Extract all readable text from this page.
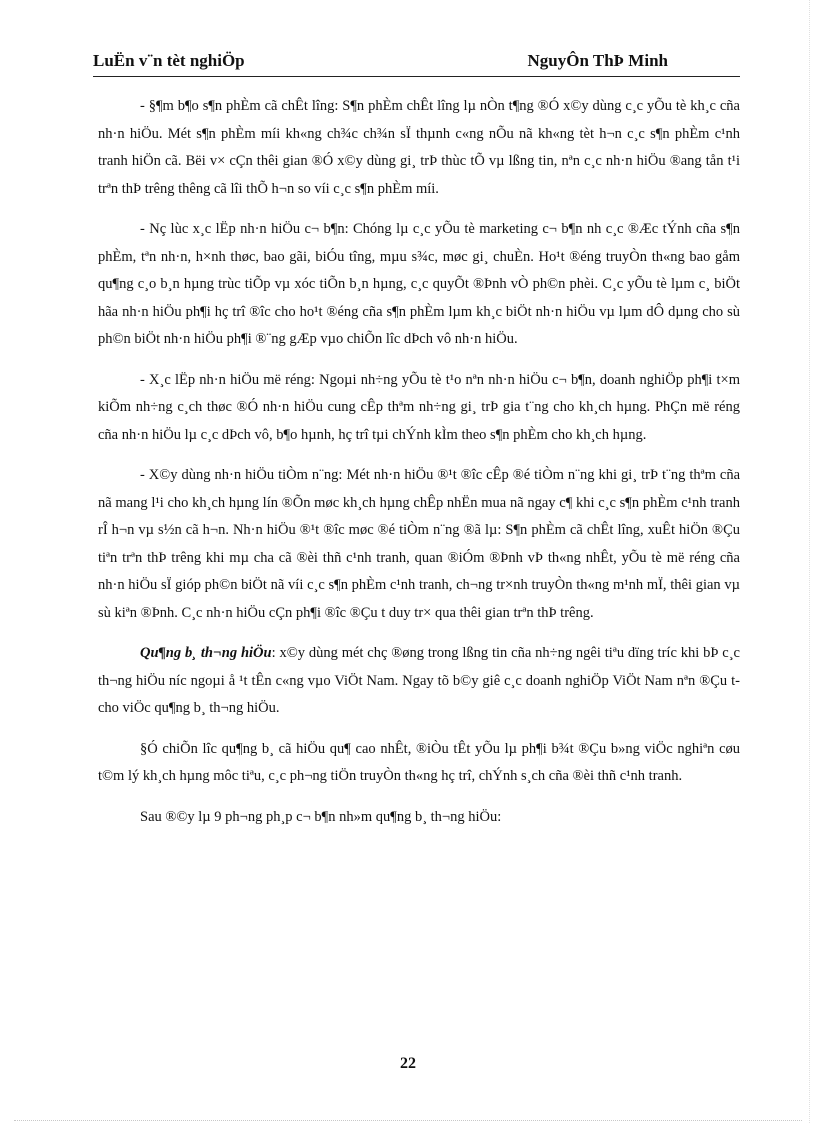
LuËn v¨n tèt nghiÖp	NguyÔn ThÞ Minh

- §¶m b¶o s¶n phÈm cã chÊt lîng: S¶n phÈm chÊt lîng lµ nÒn t¶ng ®Ó x©y dùng c¸c yÕu tè kh¸c cña nh·n hiÖu. Mét s¶n phÈm míi kh«ng ch¾c ch¾n sÏ thµnh c«ng nÕu nã kh«ng tèt h¬n c¸c s¶n phÈm c¹nh tranh hiÖn cã. Bëi v× cÇn thêi gian ®Ó x©y dùng gi¸ trÞ thùc tÕ vµ lßng tin, nªn c¸c nh·n hiÖu ®ang tån t¹i trªn thÞ trêng thêng cã lîi thÕ h¬n so víi c¸c s¶n phÈm míi.

- Nç lùc x¸c lËp nh·n hiÖu c¬ b¶n: Chóng lµ c¸c yÕu tè marketing c¬ b¶n nh c¸c ®Æc tÝnh cña s¶n phÈm, tªn nh·n, h×nh thøc, bao gãi, biÓu tîng, mµu s¾c, møc gi¸ chuÈn. Ho¹t ®éng truyÒn th«ng bao gåm qu¶ng c¸o b¸n hµng trùc tiÕp vµ xóc tiÕn b¸n hµng, c¸c quyÕt ®Þnh vÒ ph©n phèi. C¸c yÕu tè lµm c¸ biÖt hãa nh·n hiÖu ph¶i hç trî ®îc cho ho¹t ®éng cña s¶n phÈm lµm kh¸c biÖt nh·n hiÖu vµ lµm dÔ dµng cho sù ph©n biÖt nh·n hiÖu ph¶i ®¨ng gÆp vµo chiÕn lîc dÞch vô nh·n hiÖu.

- X¸c lËp nh·n hiÖu më réng: Ngoµi nh÷ng yÕu tè t¹o nªn nh·n hiÖu c¬ b¶n, doanh nghiÖp ph¶i t×m kiÕm nh÷ng c¸ch thøc ®Ó nh·n hiÖu cung cÊp thªm nh÷ng gi¸ trÞ gia t¨ng cho kh¸ch hµng. PhÇn më réng cña nh·n hiÖu lµ c¸c dÞch vô, b¶o hµnh, hç trî tµi chÝnh kÌm theo s¶n phÈm cho kh¸ch hµng.

- X©y dùng nh·n hiÖu tiÒm n¨ng: Mét nh·n hiÖu ®¹t ®îc cÊp ®é tiÒm n¨ng khi gi¸ trÞ t¨ng thªm cña nã mang l¹i cho kh¸ch hµng lín ®Õn møc kh¸ch hµng chÊp nhËn mua nã ngay c¶ khi c¸c s¶n phÈm c¹nh tranh rÎ h¬n vµ s½n cã h¬n. Nh·n hiÖu ®¹t ®îc møc ®é tiÒm n¨ng ®ã lµ: S¶n phÈm cã chÊt lîng, xuÊt hiÖn ®Çu tiªn trªn thÞ trêng khi mµ cha cã ®èi thñ c¹nh tranh, quan ®iÓm ®Þnh vÞ th«ng nhÊt, yÕu tè më réng cña nh·n hiÖu sÏ gióp ph©n biÖt nã víi c¸c s¶n phÈm c¹nh tranh, ch¬ng tr×nh truyÒn th«ng m¹nh mÏ, thêi gian vµ sù kiªn ®Þnh. C¸c nh·n hiÖu cÇn ph¶i ®îc ®Çu t duy tr× qua thêi gian trªn thÞ trêng.

Qu¶ng b¸ th¬ng hiÖu: x©y dùng mét chç ®øng trong lßng tin cña nh÷ng ngêi tiªu dïng tríc khi bÞ c¸c th¬ng hiÖu níc ngoµi å ¹t tÊn c«ng vµo ViÖt Nam. Ngay tõ b©y giê c¸c doanh nghiÖp ViÖt Nam nªn ®Çu t cho viÖc qu¶ng b¸ th¬ng hiÖu.

§Ó chiÕn lîc qu¶ng b¸ cã hiÖu qu¶ cao nhÊt, ®iÒu tÊt yÕu lµ ph¶i b¾t ®Çu b»ng viÖc nghiªn cøu t©m lý kh¸ch hµng môc tiªu, c¸c ph¬ng tiÖn truyÒn th«ng hç trî, chÝnh s¸ch cña ®èi thñ c¹nh tranh.

Sau ®©y lµ 9 ph¬ng ph¸p c¬ b¶n nh»m qu¶ng b¸ th¬ng hiÖu:

22
